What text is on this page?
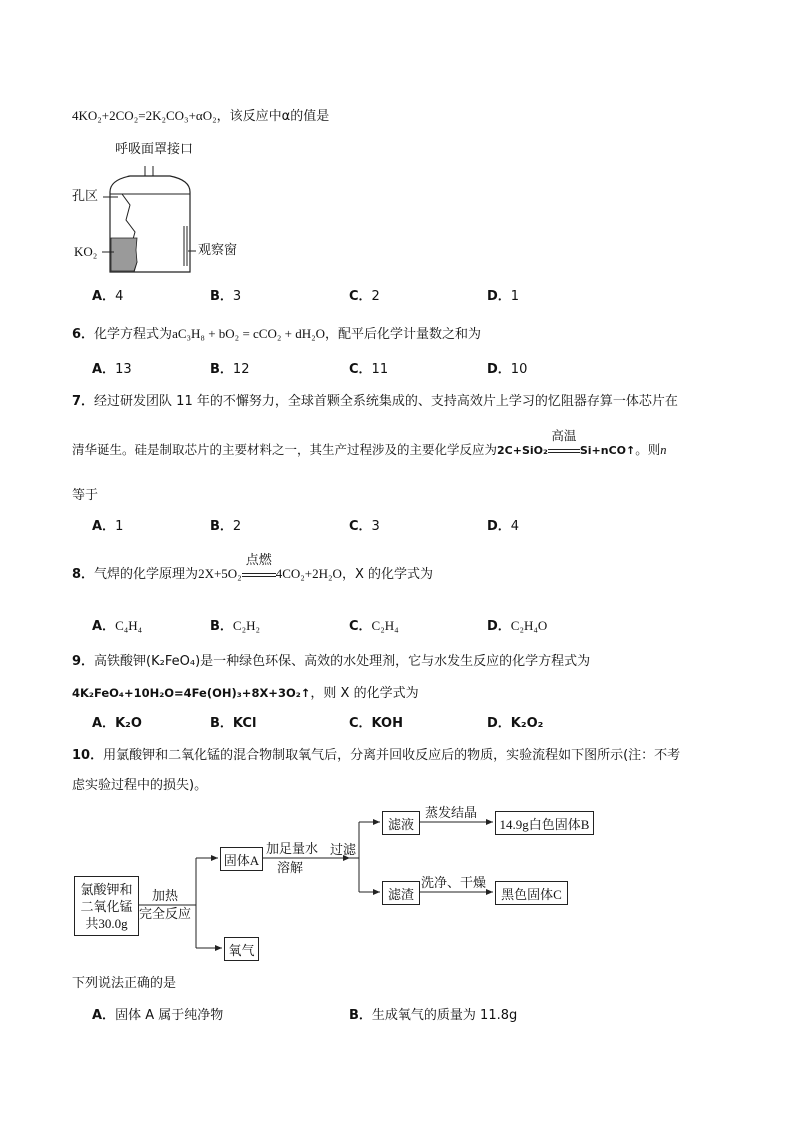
4KO₂+2CO₂=2K₂CO₃+αO₂，该反应中α的值是
呼吸面罩接口
孔区
KO₂	观察窗
A．4	B．3	C．2	D．1
6．化学方程式为aC₃H₈ + bO₂ = cCO₂ + dH₂O，配平后化学计量数之和为
A．13	B．12	C．11	D．10
7．经过研发团队 11 年的不懈努力，全球首颗全系统集成的、支持高效片上学习的忆阻器存算一体芯片在
清华诞生。硅是制取芯片的主要材料之一，其生产过程涉及的主要化学反应为2C+SiO₂
高温
Si+nCO↑。则n
等于
A．1	B．2	C．3	D．4
8．气焊的化学原理为2X+5O₂
点燃
4CO₂+2H₂O，X 的化学式为
A．C₄H₄	B．C₂H₂	C．C₂H₄	D．C₂H₄O
9．高铁酸钾(K₂FeO₄)是一种绿色环保、高效的水处理剂，它与水发生反应的化学方程式为
4K₂FeO₄+10H₂O=4Fe(OH)₃+8X+3O₂↑，则 X 的化学式为
A．K₂O	B．KCl	C．KOH	D．K₂O₂
10．用氯酸钾和二氧化锰的混合物制取氧气后，分离并回收反应后的物质，实验流程如下图所示(注：不考
虑实验过程中的损失)。
氯酸钾和
二氧化锰
共30.0g
加热
完全反应
固体A
氧气
加足量水
溶解
过滤
滤液
滤渣
蒸发结晶
洗净、干燥
14.9g白色固体B
黑色固体C
下列说法正确的是
A．固体 A 属于纯净物	B．生成氧气的质量为 11.8g
